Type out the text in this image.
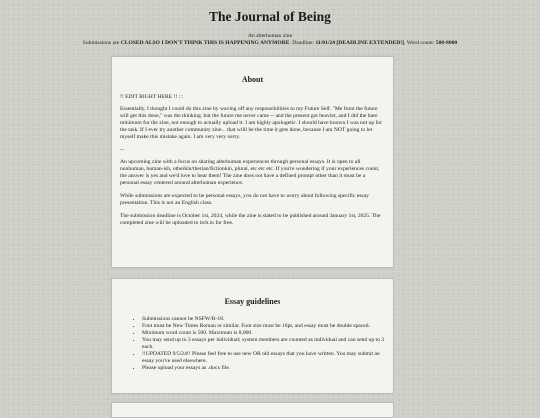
The Journal of Being
An alterhuman zine
Submissions are CLOSED ALSO I DON'T THINK THIS IS HAPPENING ANYMORE. Deadline: 11/01/24 [DEADLINE EXTENDED!]. Word count: 500-8000
About

!! EDIT RIGHT HERE !! :::

Essentially, I thought I could do this zine by waving off any responsibilities to my Future Self. "Me from the future will get this done," was the thinking. but the future me never came -- and the present got heavier, and I did the bare minimum for the zine, not enough to actually upload it. I am highly apologetic. I should have known I was not up for the task. If I ever try another community zine... that willl be the time it gets done, because I am NOT going to let myself make this mistake again. I am very very sorry.

--

An upcoming zine with a focus on sharing alterhuman experiences through personal essays. It is open to all nonhuman, human-ish, otherkin/therian/fictionkin, plural, etc etc etc. If you're wondering if your experiences count, the answer is yes and we'd love to hear them! The zine does not have a defined prompt other than it must be a personal essay centered around alterhuman experience.

While submissions are expected to be personal essays, you do not have to worry about following specific essay presentation. This is not an English class.

The submission deadline is October 1st, 2024, while the zine is slated to be published around January 1st, 2025. The completed zine will be uploaded to itch.io for free.

Essay guidelines
• Submissions cannot be NSFW/R-18.
• Font must be New Times Roman or similar. Font size must be 16pt, and essay must be double spaced.
• Minimum word count is 500. Maximum is 8,000.
• You may send up to 3 essays per individual; system members are counted as individual and can send up to 3 each.
• !!UPDATED 9/5/24!! Please feel free to use new OR old essays that you have written. You may submit an essay you've used elsewhere.
• Please upload your essays as .docx file.
